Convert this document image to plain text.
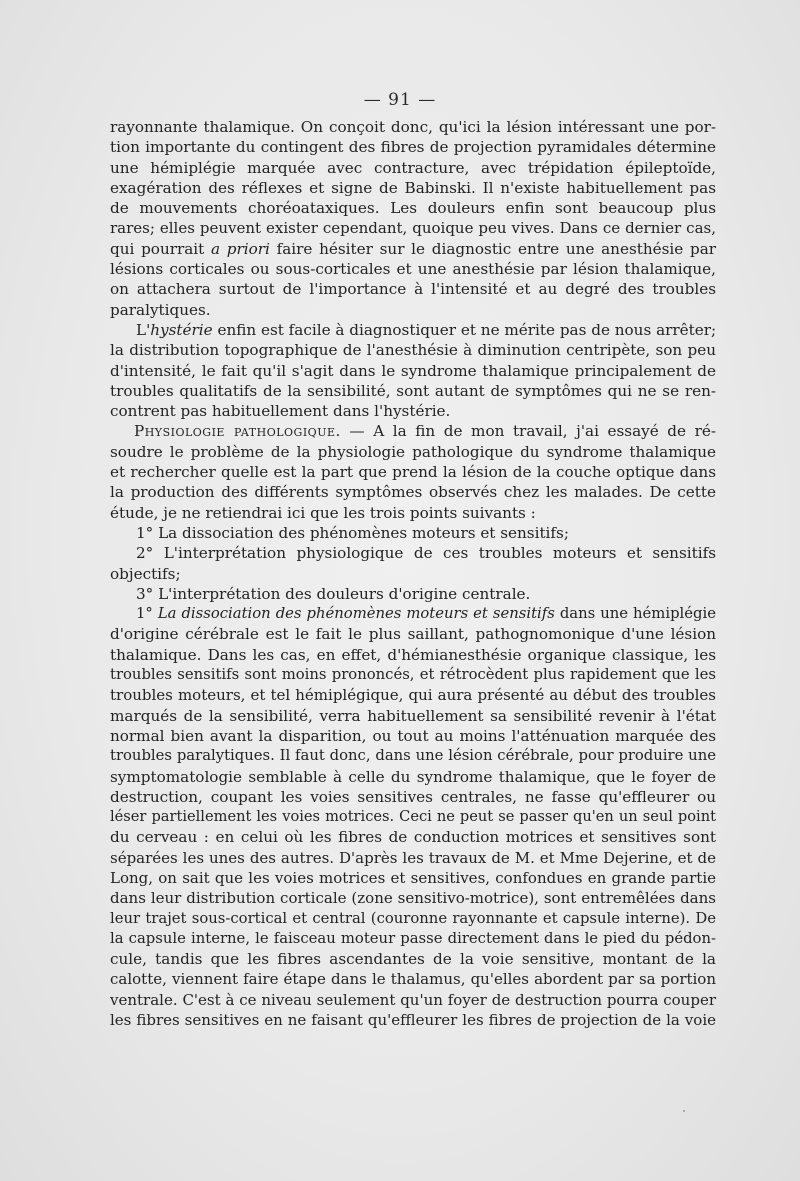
— 91 —
rayonnante thalamique. On conçoit donc, qu'ici la lésion intéressant une por-
tion importante du contingent des fibres de projection pyramidales détermine
une hémiplégie marquée avec contracture, avec trépidation épileptoïde,
exagération des réflexes et signe de Babinski. Il n'existe habituellement pas
de mouvements choréoataxiques. Les douleurs enfin sont beaucoup plus
rares; elles peuvent exister cependant, quoique peu vives. Dans ce dernier cas,
qui pourrait a priori faire hésiter sur le diagnostic entre une anesthésie par
lésions corticales ou sous-corticales et une anesthésie par lésion thalamique,
on attachera surtout de l'importance à l'intensité et au degré des troubles
paralytiques.
L'hystérie enfin est facile à diagnostiquer et ne mérite pas de nous arrêter;
la distribution topographique de l'anesthésie à diminution centripète, son peu
d'intensité, le fait qu'il s'agit dans le syndrome thalamique principalement de
troubles qualitatifs de la sensibilité, sont autant de symptômes qui ne se ren-
contrent pas habituellement dans l'hystérie.
Physiologie pathologique. — A la fin de mon travail, j'ai essayé de ré-
soudre le problème de la physiologie pathologique du syndrome thalamique
et rechercher quelle est la part que prend la lésion de la couche optique dans
la production des différents symptômes observés chez les malades. De cette
étude, je ne retiendrai ici que les trois points suivants :
1° La dissociation des phénomènes moteurs et sensitifs;
2° L'interprétation physiologique de ces troubles moteurs et sensitifs
objectifs;
3° L'interprétation des douleurs d'origine centrale.
1° La dissociation des phénomènes moteurs et sensitifs dans une hémiplégie
d'origine cérébrale est le fait le plus saillant, pathognomonique d'une lésion
thalamique. Dans les cas, en effet, d'hémianesthésie organique classique, les
troubles sensitifs sont moins prononcés, et rétrocèdent plus rapidement que les
troubles moteurs, et tel hémiplégique, qui aura présenté au début des troubles
marqués de la sensibilité, verra habituellement sa sensibilité revenir à l'état
normal bien avant la disparition, ou tout au moins l'atténuation marquée des
troubles paralytiques. Il faut donc, dans une lésion cérébrale, pour produire une
symptomatologie semblable à celle du syndrome thalamique, que le foyer de
destruction, coupant les voies sensitives centrales, ne fasse qu'effleurer ou
léser partiellement les voies motrices. Ceci ne peut se passer qu'en un seul point
du cerveau : en celui où les fibres de conduction motrices et sensitives sont
séparées les unes des autres. D'après les travaux de M. et Mme Dejerine, et de
Long, on sait que les voies motrices et sensitives, confondues en grande partie
dans leur distribution corticale (zone sensitivo-motrice), sont entremêlées dans
leur trajet sous-cortical et central (couronne rayonnante et capsule interne). De
la capsule interne, le faisceau moteur passe directement dans le pied du pédon-
cule, tandis que les fibres ascendantes de la voie sensitive, montant de la
calotte, viennent faire étape dans le thalamus, qu'elles abordent par sa portion
ventrale. C'est à ce niveau seulement qu'un foyer de destruction pourra couper
les fibres sensitives en ne faisant qu'effleurer les fibres de projection de la voie
